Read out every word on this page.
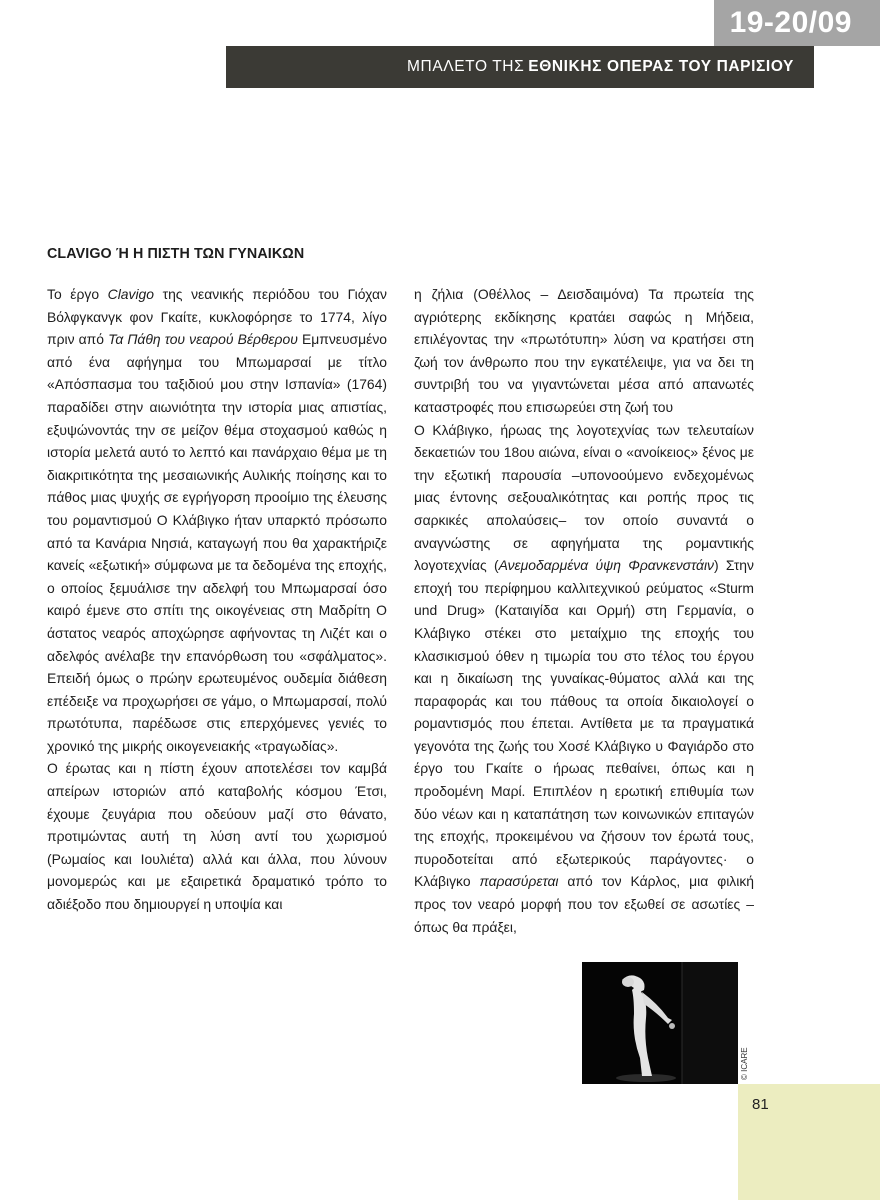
19-20/09
ΜΠΑΛΕΤΟ ΤΗΣ ΕΘΝΙΚΗΣ ΟΠΕΡΑΣ ΤΟΥ ΠΑΡΙΣΙΟΥ
CLAVIGO Ή Η ΠΙΣΤΗ ΤΩΝ ΓΥΝΑΙΚΩΝ

Το έργο Clavigo της νεανικής περιόδου του Γιόχαν Βόλφγκανγκ φον Γκαίτε, κυκλοφόρησε το 1774, λίγο πριν από Τα Πάθη του νεαρού Βέρθερου Εμπνευσμένο από ένα αφήγημα του Μπωμαρσαί με τίτλο «Απόσπασμα του ταξιδιού μου στην Ισπανία» (1764) παραδίδει στην αιωνιότητα την ιστορία μιας απιστίας, εξυψώνοντάς την σε μείζον θέμα στοχασμού καθώς η ιστορία μελετά αυτό το λεπτό και πανάρχαιο θέμα με τη διακριτικότητα της μεσαιωνικής Αυλικής ποίησης και το πάθος μιας ψυχής σε εγρήγορση προοίμιο της έλευσης του ρομαντισμού Ο Κλάβιγκο ήταν υπαρκτό πρόσωπο από τα Κανάρια Νησιά, καταγωγή που θα χαρακτήριζε κανείς «εξωτική» σύμφωνα με τα δεδομένα της εποχής, ο οποίος ξεμυάλισε την αδελφή του Μπωμαρσαί όσο καιρό έμενε στο σπίτι της οικογένειας στη Μαδρίτη Ο άστατος νεαρός αποχώρησε αφήνοντας τη Λιζέτ και ο αδελφός ανέλαβε την επανόρθωση του «σφάλματος». Επειδή όμως ο πρώην ερωτευμένος ουδεμία διάθεση επέδειξε να προχωρήσει σε γάμο, ο Μπωμαρσαί, πολύ πρωτότυπα, παρέδωσε στις επερχόμενες γενιές το χρονικό της μικρής οικογενειακής «τραγωδίας».

Ο έρωτας και η πίστη έχουν αποτελέσει τον καμβά απείρων ιστοριών από καταβολής κόσμου Έτσι, έχουμε ζευγάρια που οδεύουν μαζί στο θάνατο, προτιμώντας αυτή τη λύση αντί του χωρισμού (Ρωμαίος και Ιουλιέτα) αλλά και άλλα, που λύνουν μονομερώς και με εξαιρετικά δραματικό τρόπο το αδιέξοδο που δημιουργεί η υποψία και

η ζήλια (Οθέλλος – Δεισδαιμόνα) Τα πρωτεία της αγριότερης εκδίκησης κρατάει σαφώς η Μήδεια, επιλέγοντας την «πρωτότυπη» λύση να κρατήσει στη ζωή τον άνθρωπο που την εγκατέλειψε, για να δει τη συντριβή του να γιγαντώνεται μέσα από απανωτές καταστροφές που επισωρεύει στη ζωή του

Ο Κλάβιγκο, ήρωας της λογοτεχνίας των τελευταίων δεκαετιών του 18ου αιώνα, είναι ο «ανοίκειος» ξένος με την εξωτική παρουσία –υπονοούμενο ενδεχομένως μιας έντονης σεξουαλικότητας και ροπής προς τις σαρκικές απολαύσεις– τον οποίο συναντά ο αναγνώστης σε αφηγήματα της ρομαντικής λογοτεχνίας (Ανεμοδαρμένα ύψη Φρανκενστάιν) Στην εποχή του περίφημου καλλιτεχνικού ρεύματος «Sturm und Drug» (Καταιγίδα και Ορμή) στη Γερμανία, ο Κλάβιγκο στέκει στο μεταίχμιο της εποχής του κλασικισμού όθεν η τιμωρία του στο τέλος του έργου και η δικαίωση της γυναίκας-θύματος αλλά και της παραφοράς και του πάθους τα οποία δικαιολογεί ο ρομαντισμός που έπεται. Αντίθετα με τα πραγματικά γεγονότα της ζωής του Χοσέ Κλάβιγκο υ Φαγιάρδο στο έργο του Γκαίτε ο ήρωας πεθαίνει, όπως και η προδομένη Μαρί. Επιπλέον η ερωτική επιθυμία των δύο νέων και η καταπάτηση των κοινωνικών επιταγών της εποχής, προκειμένου να ζήσουν τον έρωτά τους, πυροδοτείται από εξωτερικούς παράγοντες· ο Κλάβιγκο παρασύρεται από τον Κάρλος, μια φιλική προς τον νεαρό μορφή που τον εξωθεί σε ασωτίες –όπως θα πράξει,

© ICARE
81
